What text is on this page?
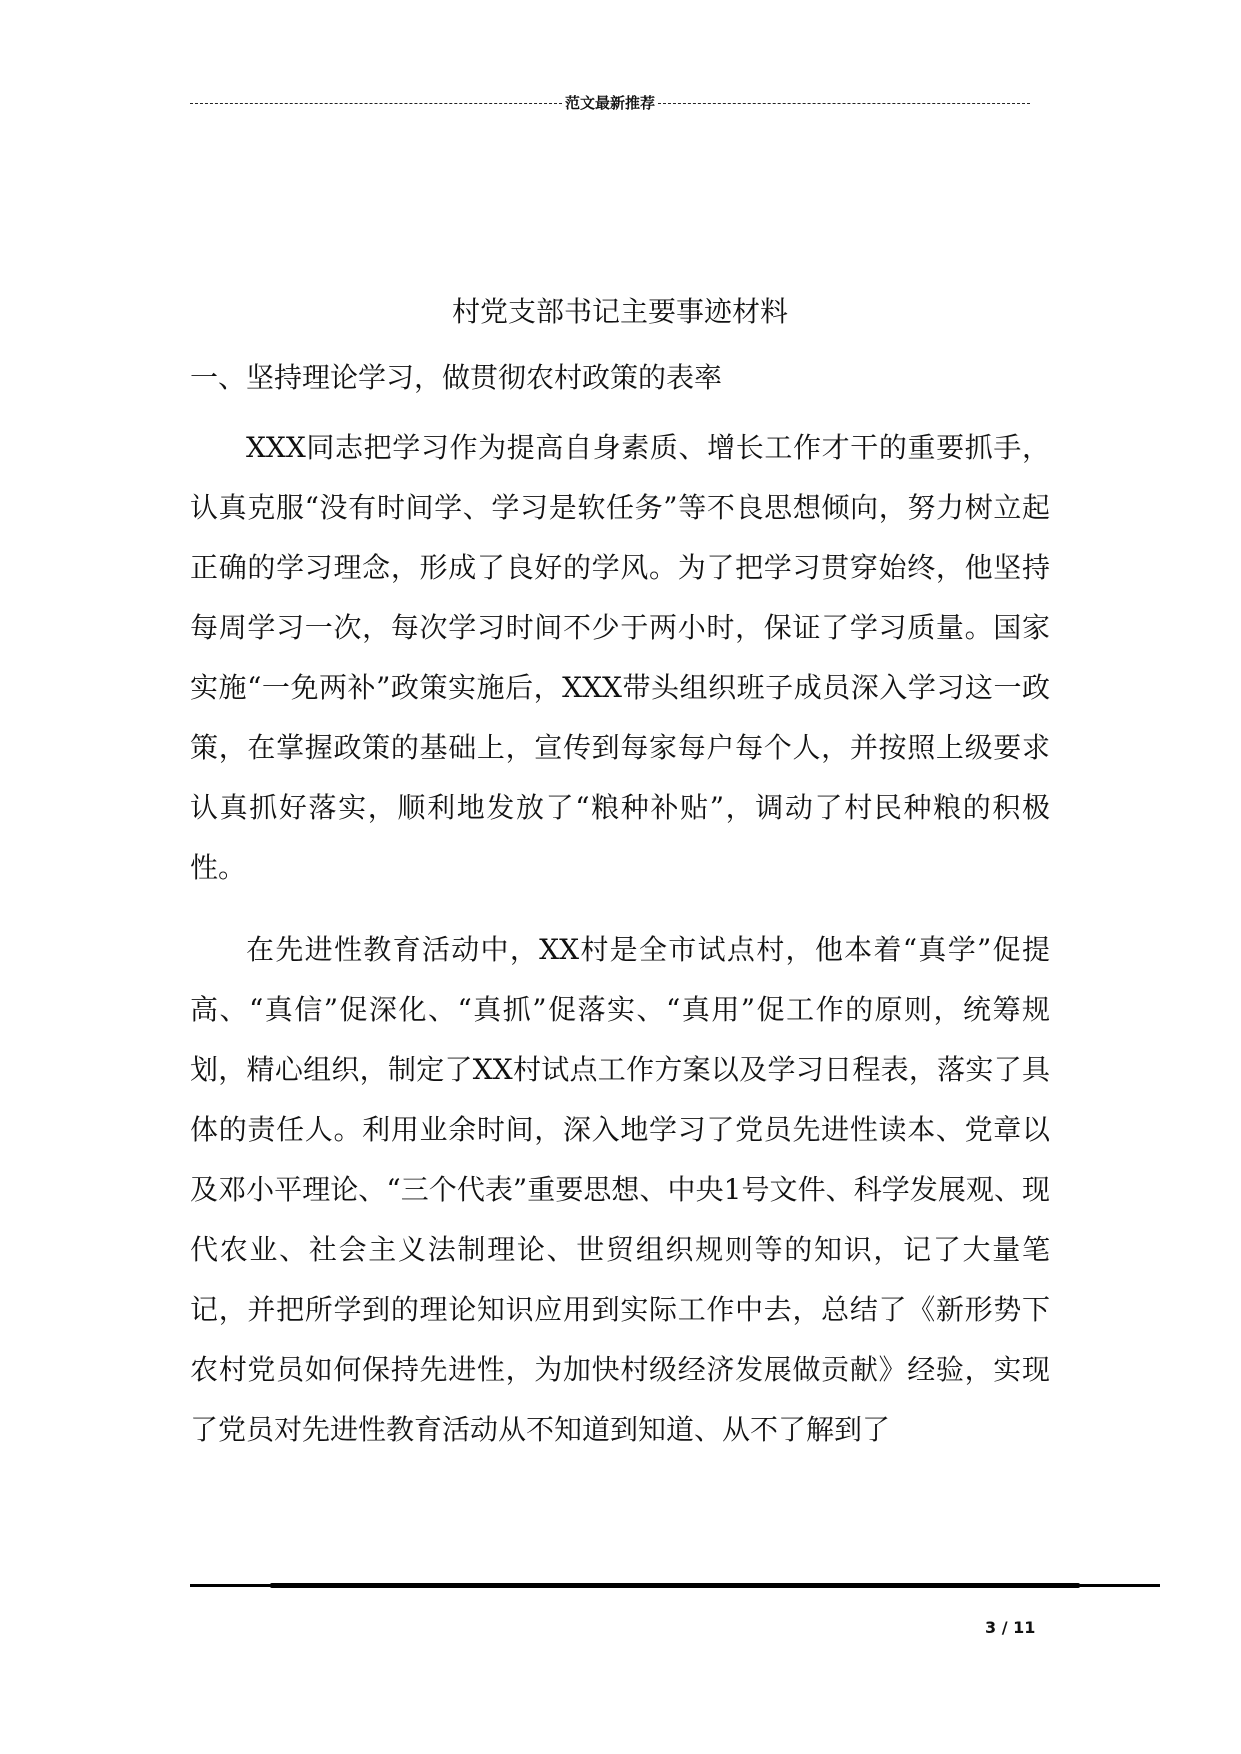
范文最新推荐
村党支部书记主要事迹材料
一、坚持理论学习，做贯彻农村政策的表率

XXX同志把学习作为提高自身素质、增长工作才干的重要抓手，认真克服“没有时间学、学习是软任务”等不良思想倾向，努力树立起正确的学习理念，形成了良好的学风。为了把学习贯穿始终，他坚持每周学习一次，每次学习时间不少于两小时，保证了学习质量。国家实施“一免两补”政策实施后，XXX带头组织班子成员深入学习这一政策，在掌握政策的基础上，宣传到每家每户每个人，并按照上级要求认真抓好落实，顺利地发放了“粮种补贴”，调动了村民种粮的积极性。

在先进性教育活动中，XX村是全市试点村，他本着“真学”促提高、“真信”促深化、“真抓”促落实、“真用”促工作的原则，统筹规划，精心组织，制定了XX村试点工作方案以及学习日程表，落实了具体的责任人。利用业余时间，深入地学习了党员先进性读本、党章以及邓小平理论、“三个代表”重要思想、中央1号文件、科学发展观、现代农业、社会主义法制理论、世贸组织规则等的知识，记了大量笔记，并把所学到的理论知识应用到实际工作中去，总结了《新形势下农村党员如何保持先进性，为加快村级经济发展做贡献》经验，实现了党员对先进性教育活动从不知道到知道、从不了解到了

3 / 11
